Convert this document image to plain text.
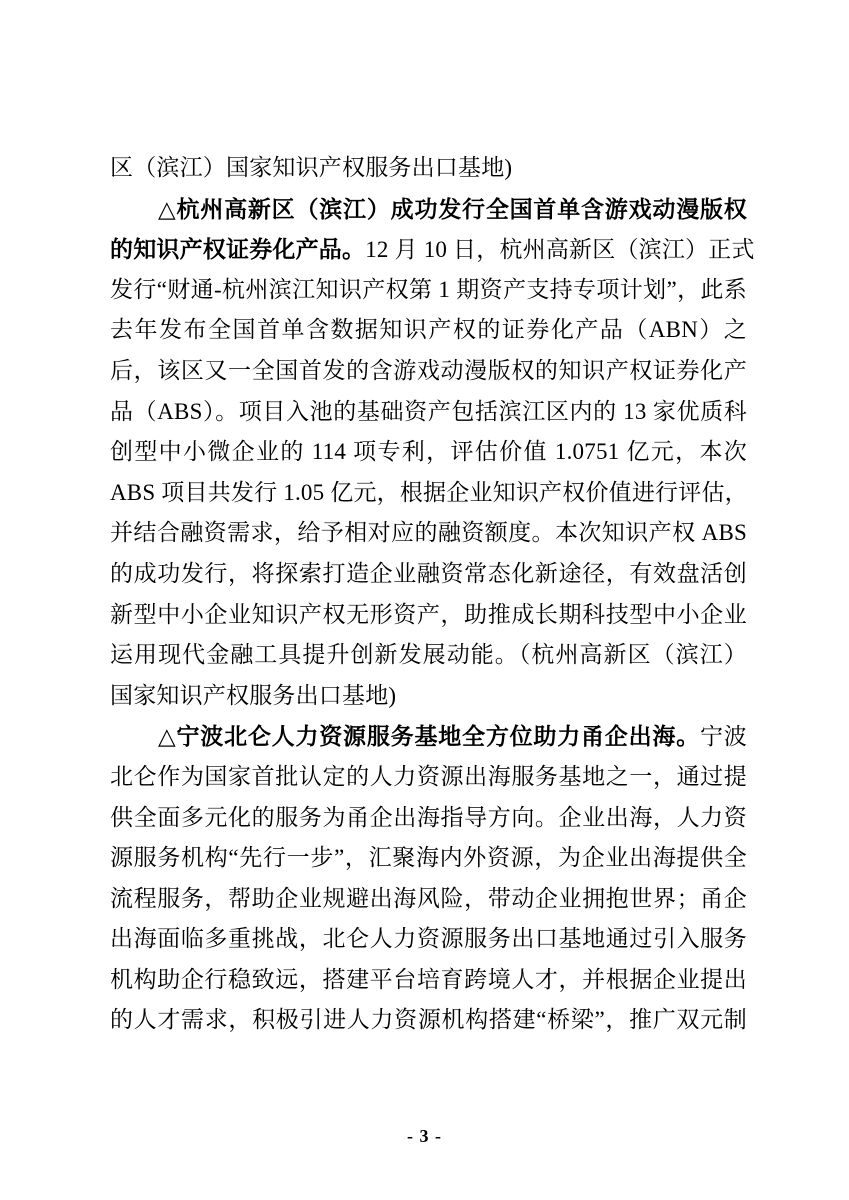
区（滨江）国家知识产权服务出口基地)
△杭州高新区（滨江）成功发行全国首单含游戏动漫版权
的知识产权证券化产品。12 月 10 日，杭州高新区（滨江）正式
发行“财通-杭州滨江知识产权第 1 期资产支持专项计划”，此系
去年发布全国首单含数据知识产权的证券化产品（ABN）之
后，该区又一全国首发的含游戏动漫版权的知识产权证券化产
品（ABS）。项目入池的基础资产包括滨江区内的 13 家优质科
创型中小微企业的 114 项专利，评估价值 1.0751 亿元，本次
ABS 项目共发行 1.05 亿元，根据企业知识产权价值进行评估，
并结合融资需求，给予相对应的融资额度。本次知识产权 ABS
的成功发行，将探索打造企业融资常态化新途径，有效盘活创
新型中小企业知识产权无形资产，助推成长期科技型中小企业
运用现代金融工具提升创新发展动能。（杭州高新区（滨江）
国家知识产权服务出口基地)
△宁波北仑人力资源服务基地全方位助力甬企出海。宁波
北仑作为国家首批认定的人力资源出海服务基地之一，通过提
供全面多元化的服务为甬企出海指导方向。企业出海，人力资
源服务机构“先行一步”，汇聚海内外资源，为企业出海提供全
流程服务，帮助企业规避出海风险，带动企业拥抱世界；甬企
出海面临多重挑战，北仑人力资源服务出口基地通过引入服务
机构助企行稳致远，搭建平台培育跨境人才，并根据企业提出
的人才需求，积极引进人力资源机构搭建“桥梁”，推广双元制
- 3 -
